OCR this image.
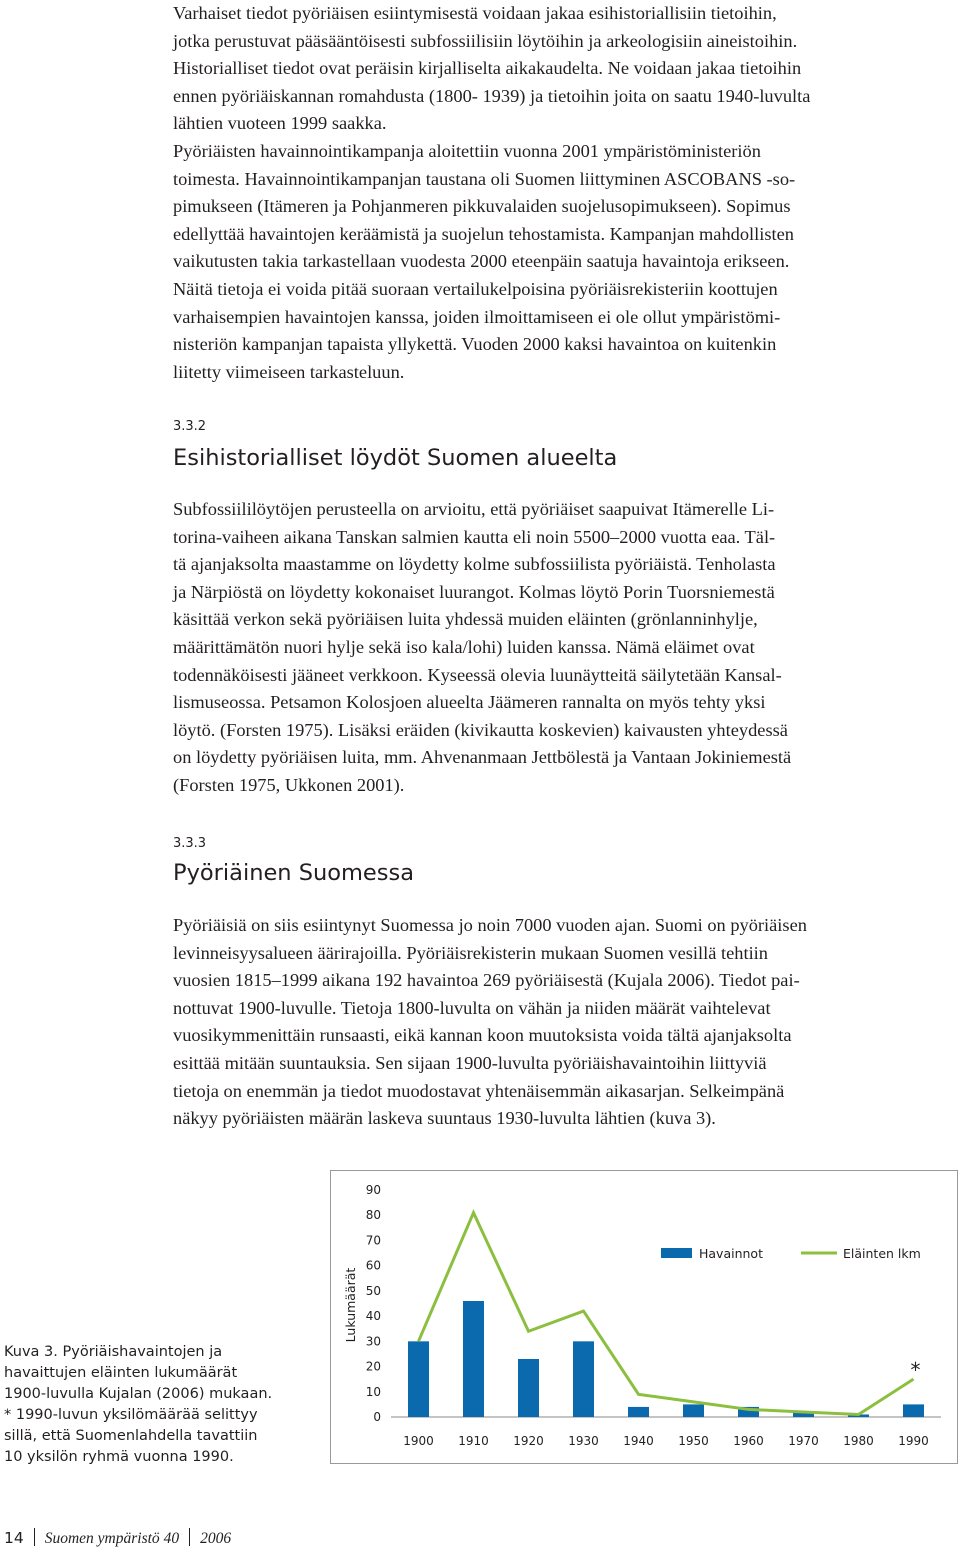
Varhaiset tiedot pyöriäisen esiintymisestä voidaan jakaa esihistoriallisiin tietoihin,
jotka perustuvat pääsääntöisesti subfossiilisiin löytöihin ja arkeologisiin aineistoihin.
Historialliset tiedot ovat peräisin kirjalliselta aikakaudelta. Ne voidaan jakaa tietoihin
ennen pyöriäiskannan romahdusta (1800- 1939) ja tietoihin joita on saatu 1940-luvulta
lähtien vuoteen 1999 saakka.
Pyöriäisten havainnointikampanja aloitettiin vuonna 2001 ympäristöministeriön
toimesta. Havainnointikampanjan taustana oli Suomen liittyminen ASCOBANS -so-
pimukseen (Itämeren ja Pohjanmeren pikkuvalaiden suojelusopimukseen). Sopimus
edellyttää havaintojen keräämistä ja suojelun tehostamista. Kampanjan mahdollisten
vaikutusten takia tarkastellaan vuodesta 2000 eteenpäin saatuja havaintoja erikseen.
Näitä tietoja ei voida pitää suoraan vertailukelpoisina pyöriäisrekisteriin koottujen
varhaisempien havaintojen kanssa, joiden ilmoittamiseen ei ole ollut ympäristömi-
nisteriön kampanjan tapaista yllykettä. Vuoden 2000 kaksi havaintoa on kuitenkin
liitetty viimeiseen tarkasteluun.
3.3.2
Esihistorialliset löydöt Suomen alueelta
Subfossiililöytöjen perusteella on arvioitu, että pyöriäiset saapuivat Itämerelle Li-
torina-vaiheen aikana Tanskan salmien kautta eli noin 5500–2000 vuotta eaa. Täl-
tä ajanjaksolta maastamme on löydetty kolme subfossiilista pyöriäistä. Tenholasta
ja Närpiöstä on löydetty kokonaiset luurangot. Kolmas löytö Porin Tuorsniemestä
käsittää verkon sekä pyöriäisen luita yhdessä muiden eläinten (grönlanninhylje,
määrittämätön nuori hylje sekä iso kala/lohi) luiden kanssa. Nämä eläimet ovat
todennäköisesti jääneet verkkoon. Kyseessä olevia luunäytteitä säilytetään Kansal-
lismuseossa. Petsamon Kolosjoen alueelta Jäämeren rannalta on myös tehty yksi
löytö. (Forsten 1975). Lisäksi eräiden (kivikautta koskevien) kaivausten yhteydessä
on löydetty pyöriäisen luita, mm. Ahvenanmaan Jettbölestä ja Vantaan Jokiniemestä
(Forsten 1975, Ukkonen 2001).
3.3.3
Pyöriäinen Suomessa
Pyöriäisiä on siis esiintynyt Suomessa jo noin 7000 vuoden ajan. Suomi on pyöriäisen
levinneisyysalueen äärirajoilla. Pyöriäisrekisterin mukaan Suomen vesillä tehtiin
vuosien 1815–1999 aikana 192 havaintoa 269 pyöriäisestä (Kujala 2006). Tiedot pai-
nottuvat 1900-luvulle. Tietoja 1800-luvulta on vähän ja niiden määrät vaihtelevat
vuosikymmenittäin runsaasti, eikä kannan koon muutoksista voida tältä ajanjaksolta
esittää mitään suuntauksia. Sen sijaan 1900-luvulta pyöriäishavaintoihin liittyviä
tietoja on enemmän ja tiedot muodostavat yhtenäisemmän aikasarjan. Selkeimpänä
näkyy pyöriäisten määrän laskeva suuntaus 1930-luvulta lähtien (kuva 3).
Kuva 3. Pyöriäishavaintojen ja
havaittujen eläinten lukumäärät
1900-luvulla Kujalan (2006) mukaan.
* 1990-luvun yksilömäärää selittyy
sillä, että Suomenlahdella tavattiin
10 yksilön ryhmä vuonna 1990.
0
10
20
30
40
50
60
70
80
90
Lukumäärät
1900 1910 1920 1930 1940 1950 1960 1970 1980 1990
*
Havainnot	Eläinten lkm
14 Suomen ympäristö 40 2006
